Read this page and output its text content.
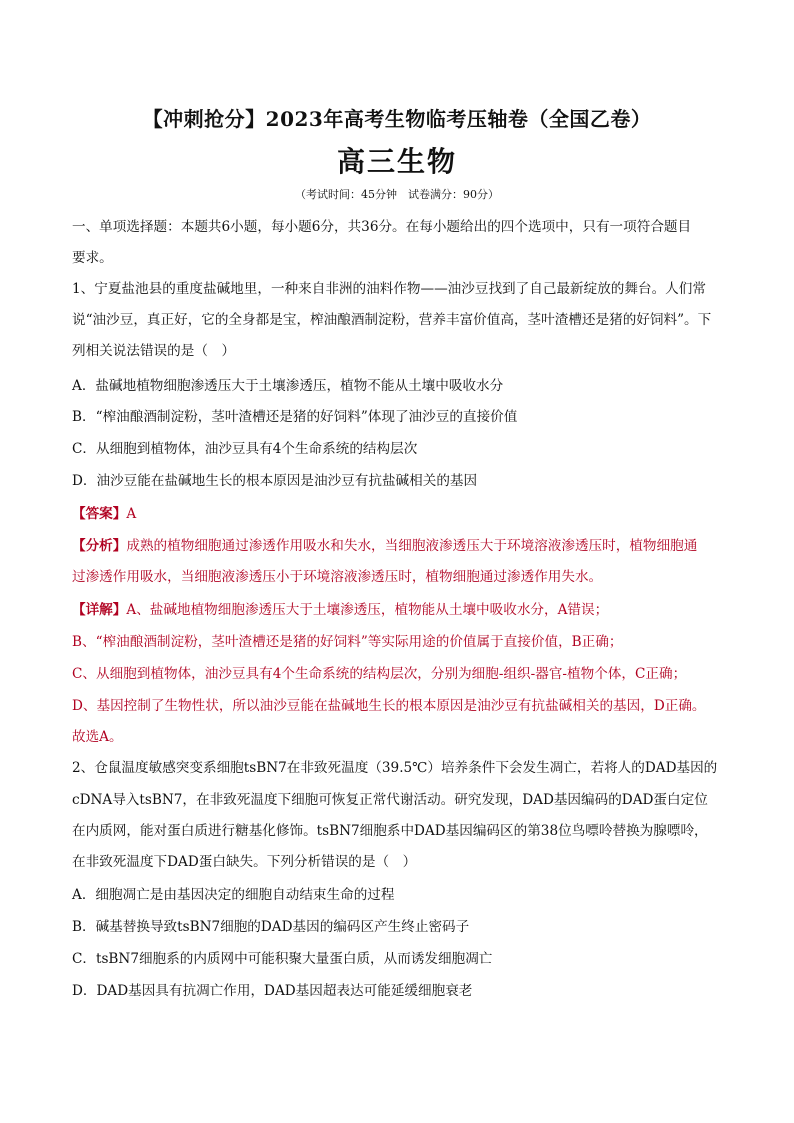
【冲刺抢分】2023年高考生物临考压轴卷（全国乙卷）
高三生物
（考试时间：45分钟　试卷满分：90分）
一、单项选择题：本题共6小题，每小题6分，共36分。在每小题给出的四个选项中，只有一项符合题目
要求。
1、宁夏盐池县的重度盐碱地里，一种来自非洲的油料作物——油沙豆找到了自己最新绽放的舞台。人们常
说“油沙豆，真正好，它的全身都是宝，榨油酿酒制淀粉，营养丰富价值高，茎叶渣槽还是猪的好饲料”。下
列相关说法错误的是（　）
A．盐碱地植物细胞渗透压大于土壤渗透压，植物不能从土壤中吸收水分
B．“榨油酿酒制淀粉，茎叶渣槽还是猪的好饲料”体现了油沙豆的直接价值
C．从细胞到植物体，油沙豆具有4个生命系统的结构层次
D．油沙豆能在盐碱地生长的根本原因是油沙豆有抗盐碱相关的基因
【答案】A
【分析】成熟的植物细胞通过渗透作用吸水和失水，当细胞液渗透压大于环境溶液渗透压时，植物细胞通
过渗透作用吸水，当细胞液渗透压小于环境溶液渗透压时，植物细胞通过渗透作用失水。
【详解】A、盐碱地植物细胞渗透压大于土壤渗透压，植物能从土壤中吸收水分，A错误；
B、“榨油酿酒制淀粉，茎叶渣槽还是猪的好饲料”等实际用途的价值属于直接价值，B正确；
C、从细胞到植物体，油沙豆具有4个生命系统的结构层次，分别为细胞-组织-器官-植物个体，C正确；
D、基因控制了生物性状，所以油沙豆能在盐碱地生长的根本原因是油沙豆有抗盐碱相关的基因，D正确。
故选A。
2、仓鼠温度敏感突变系细胞tsBN7在非致死温度（39.5℃）培养条件下会发生凋亡，若将人的DAD基因的
cDNA导入tsBN7，在非致死温度下细胞可恢复正常代谢活动。研究发现，DAD基因编码的DAD蛋白定位
在内质网，能对蛋白质进行糖基化修饰。tsBN7细胞系中DAD基因编码区的第38位鸟嘌呤替换为腺嘌呤，
在非致死温度下DAD蛋白缺失。下列分析错误的是（　）
A．细胞凋亡是由基因决定的细胞自动结束生命的过程
B．碱基替换导致tsBN7细胞的DAD基因的编码区产生终止密码子
C．tsBN7细胞系的内质网中可能积聚大量蛋白质，从而诱发细胞凋亡
D．DAD基因具有抗凋亡作用，DAD基因超表达可能延缓细胞衰老
